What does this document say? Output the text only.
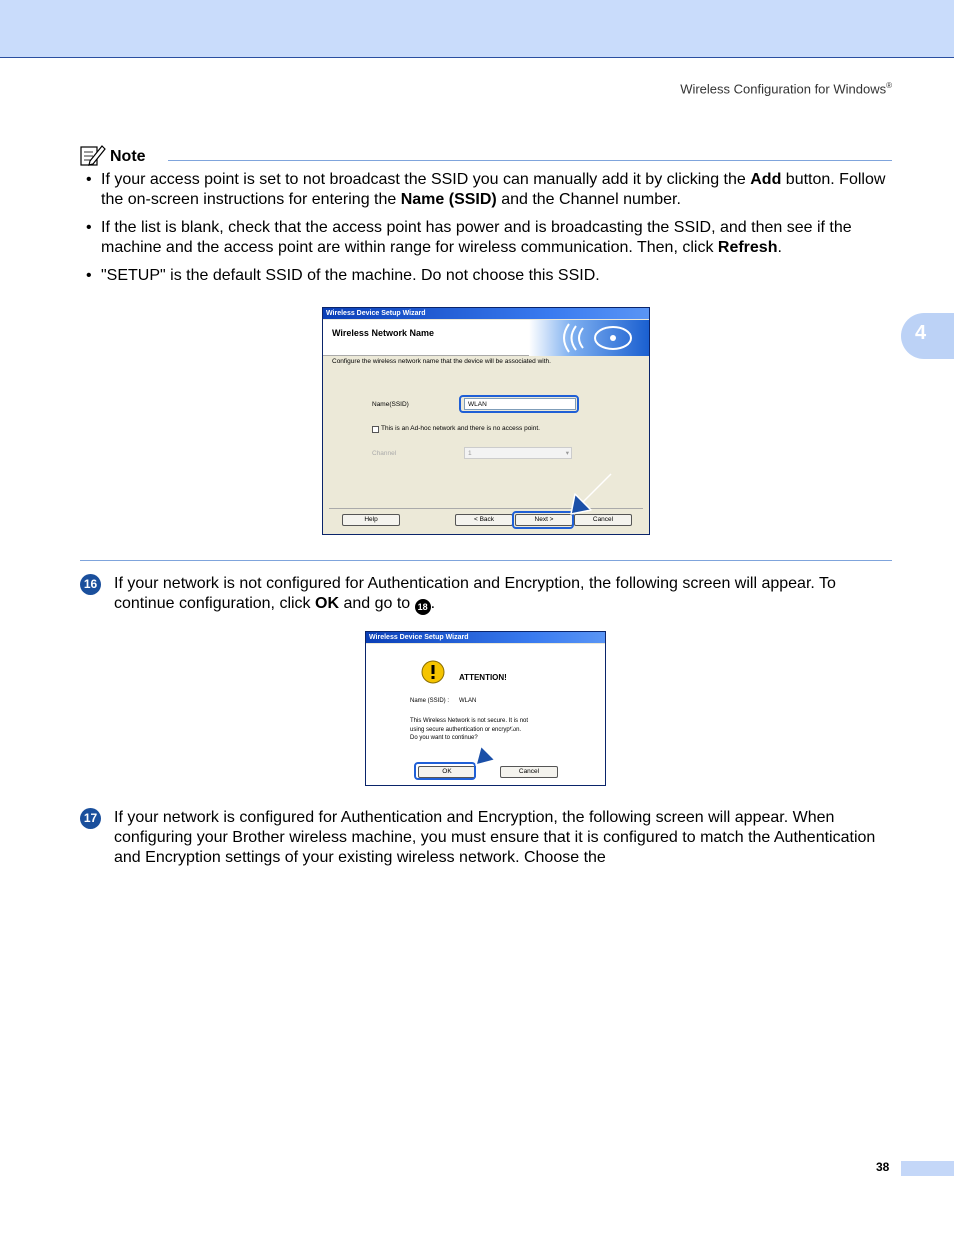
Wireless Configuration for Windows®
4
Note
• If your access point is set to not broadcast the SSID you can manually add it by clicking the Add button. Follow the on-screen instructions for entering the Name (SSID) and the Channel number.
• If the list is blank, check that the access point has power and is broadcasting the SSID, and then see if the machine and the access point are within range for wireless communication. Then, click Refresh.
• "SETUP" is the default SSID of the machine. Do not choose this SSID.
Wireless Device Setup Wizard
Wireless Network Name
Configure the wireless network name that the device will be associated with.
Name(SSID)	WLAN
This is an Ad-hoc network and there is no access point.
Channel	1	▾
Help	< Back	Next >	Cancel
16 If your network is not configured for Authentication and Encryption, the following screen will appear. To continue configuration, click OK and go to 18 .
Wireless Device Setup Wizard
ATTENTION!
Name (SSID) : WLAN
This Wireless Network is not secure. It is not
using secure authentication or encryption.
Do you want to continue?
OK	Cancel
17 If your network is configured for Authentication and Encryption, the following screen will appear. When configuring your Brother wireless machine, you must ensure that it is configured to match the Authentication and Encryption settings of your existing wireless network. Choose the
38
